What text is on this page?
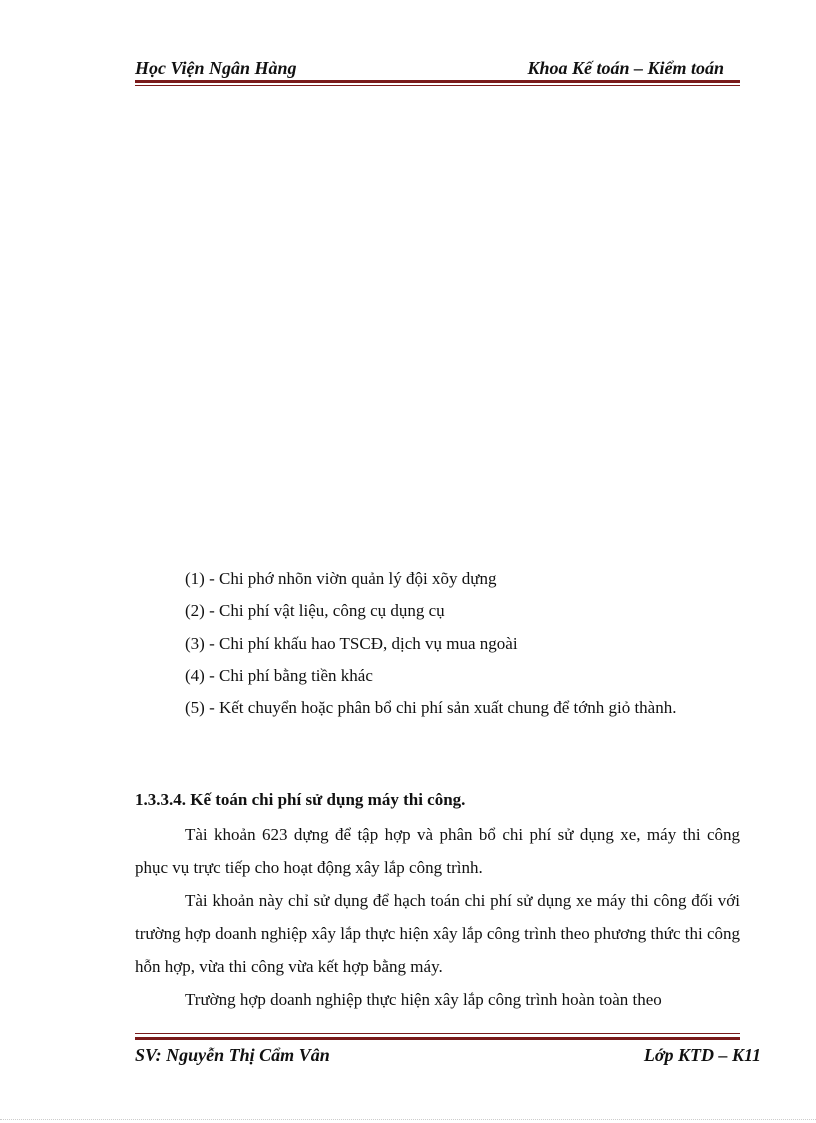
Học Viện Ngân Hàng	Khoa Kế toán – Kiểm toán
(1) - Chi phớ nhõn viờn quản lý đội xõy dựng
(2) - Chi phí vật liệu, công cụ dụng cụ
(3) - Chi phí khấu hao TSCĐ, dịch vụ mua ngoài
(4) - Chi phí bằng tiền khác
(5) - Kết chuyển hoặc phân bổ chi phí sản xuất chung để tớnh giỏ thành.
1.3.3.4. Kế toán chi phí sử dụng máy thi công.

Tài khoản 623 dựng để tập hợp và phân bổ chi phí sử dụng xe, máy thi công phục vụ trực tiếp cho hoạt động xây lắp công trình.

Tài khoản này chỉ sử dụng để hạch toán chi phí sử dụng xe máy thi công đối với trường hợp doanh nghiệp xây lắp thực hiện xây lắp công trình theo phương thức thi công hỗn hợp, vừa thi công vừa kết hợp bằng máy.

Trường hợp doanh nghiệp thực hiện xây lắp công trình hoàn toàn theo

SV: Nguyễn Thị Cẩm Vân	Lớp KTD – K11
